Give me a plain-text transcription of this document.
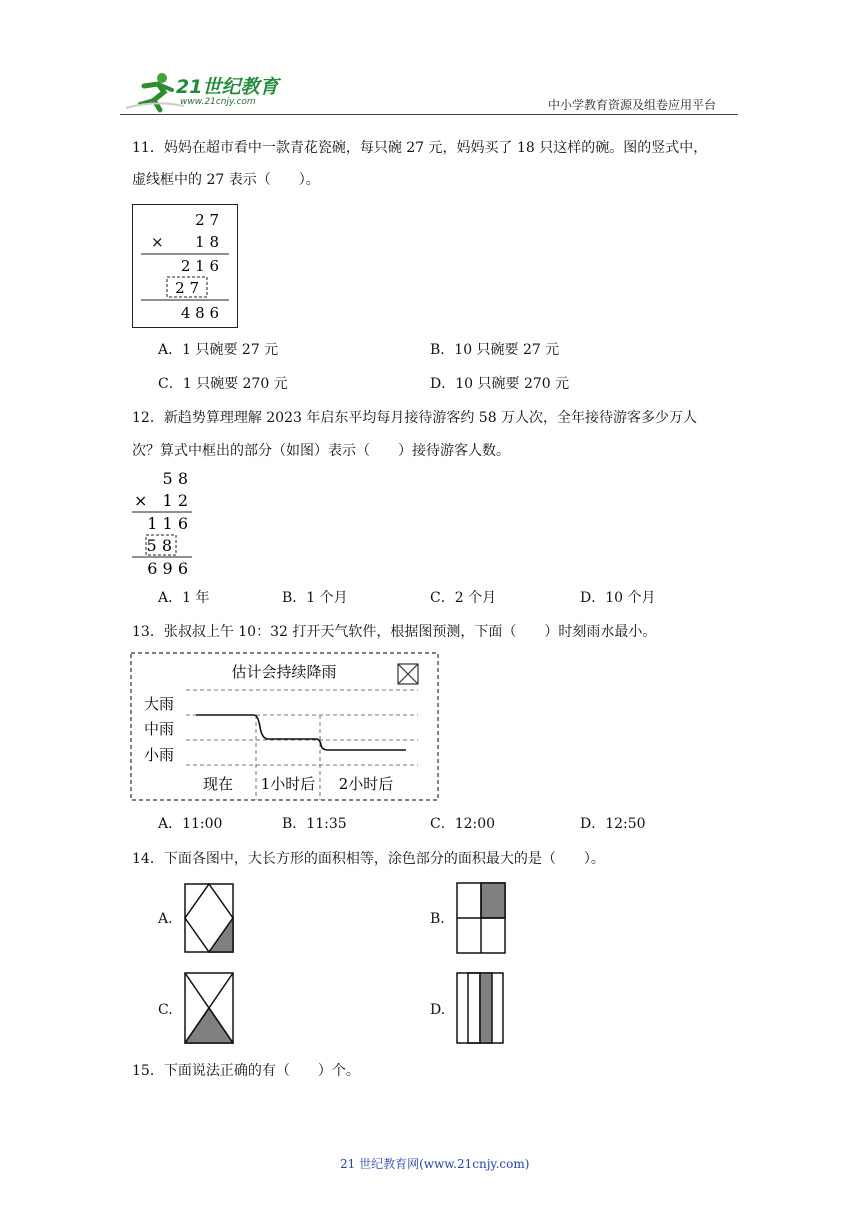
21世纪教育
www.21cnjy.com	中小学教育资源及组卷应用平台
11．妈妈在超市看中一款青花瓷碗，每只碗 27 元，妈妈买了 18 只这样的碗。图的竖式中，
虚线框中的 27 表示（　　）。
2 7
× 1 8
2 1 6
2 7
4 8 6
A．1 只碗要 27 元	B．10 只碗要 27 元
C．1 只碗要 270 元	D．10 只碗要 270 元
12．新趋势算理理解 2023 年启东平均每月接待游客约 58 万人次，全年接待游客多少万人
次？算式中框出的部分（如图）表示（　　）接待游客人数。
5 8
× 1 2
1 1 6
5 8
6 9 6
A．1 年	B．1 个月	C．2 个月	D．10 个月
13．张叔叔上午 10：32 打开天气软件，根据图预测，下面（　　）时刻雨水最小。
估计会持续降雨
大雨
中雨
小雨
现在 1小时后 2小时后
A．11:00	B．11:35	C．12:00	D．12:50
14．下面各图中，大长方形的面积相等，涂色部分的面积最大的是（　　）。
A.	B.
C.	D.
15．下面说法正确的有（　　）个。
21 世纪教育网(www.21cnjy.com)
